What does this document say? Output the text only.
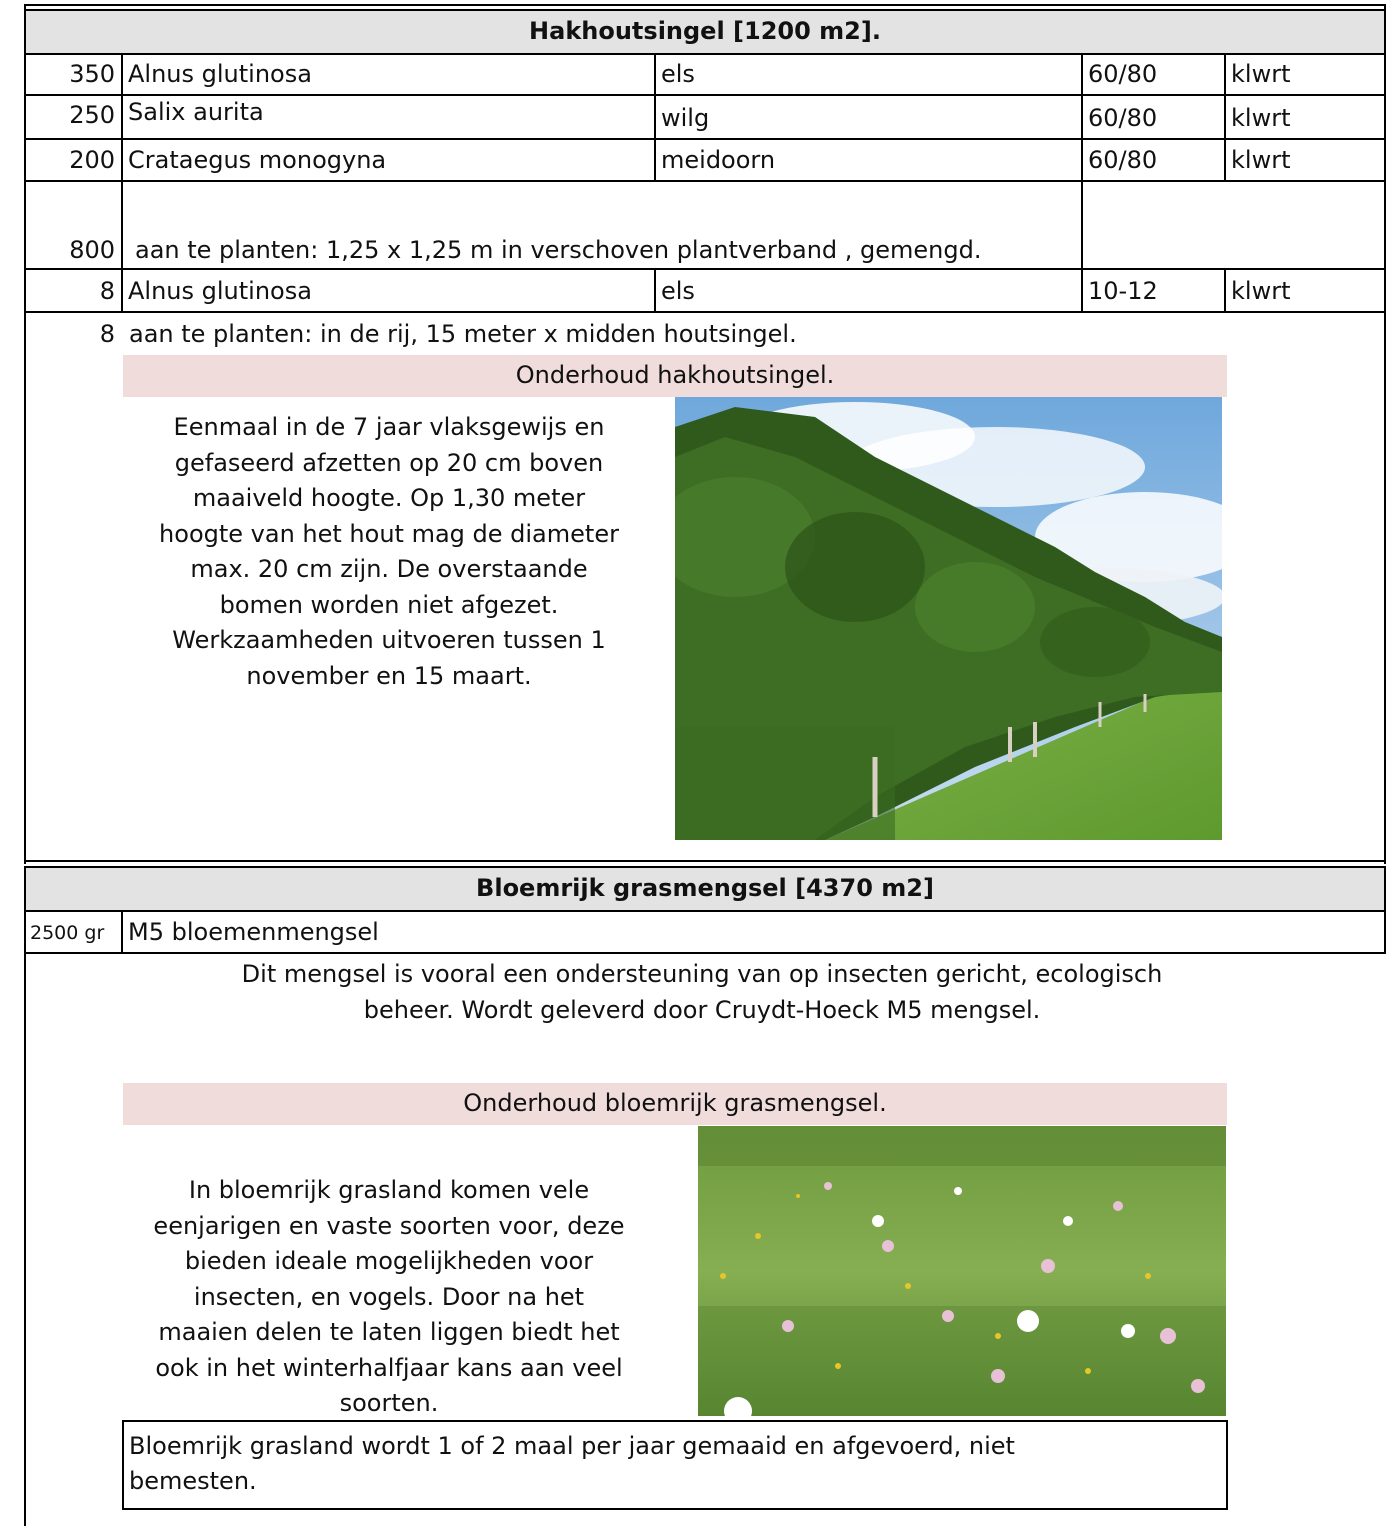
Hakhoutsingel [1200 m2].
350 Alnus glutinosa	els	60/80	klwrt
250 Salix aurita	wilg	60/80	klwrt
200 Crataegus monogyna	meidoorn	60/80	klwrt
800 aan te planten: 1,25 x 1,25 m in verschoven plantverband , gemengd.
8 Alnus glutinosa	els	10-12	klwrt
8 aan te planten: in de rij, 15 meter x midden houtsingel.
Onderhoud hakhoutsingel.
Eenmaal in de 7 jaar vlaksgewijs en
gefaseerd afzetten op 20 cm boven
maaiveld hoogte. Op 1,30 meter
hoogte van het hout mag de diameter
max. 20 cm zijn. De overstaande
bomen worden niet afgezet.
Werkzaamheden uitvoeren tussen 1
november en 15 maart.
Bloemrijk grasmengsel [4370 m2]
2500 gr M5 bloemenmengsel
Dit mengsel is vooral een ondersteuning van op insecten gericht, ecologisch
beheer. Wordt geleverd door Cruydt-Hoeck M5 mengsel.
Onderhoud bloemrijk grasmengsel.
In bloemrijk grasland komen vele
eenjarigen en vaste soorten voor, deze
bieden ideale mogelijkheden voor
insecten, en vogels. Door na het
maaien delen te laten liggen biedt het
ook in het winterhalfjaar kans aan veel
soorten.
Bloemrijk grasland wordt 1 of 2 maal per jaar gemaaid en afgevoerd, niet
bemesten.
